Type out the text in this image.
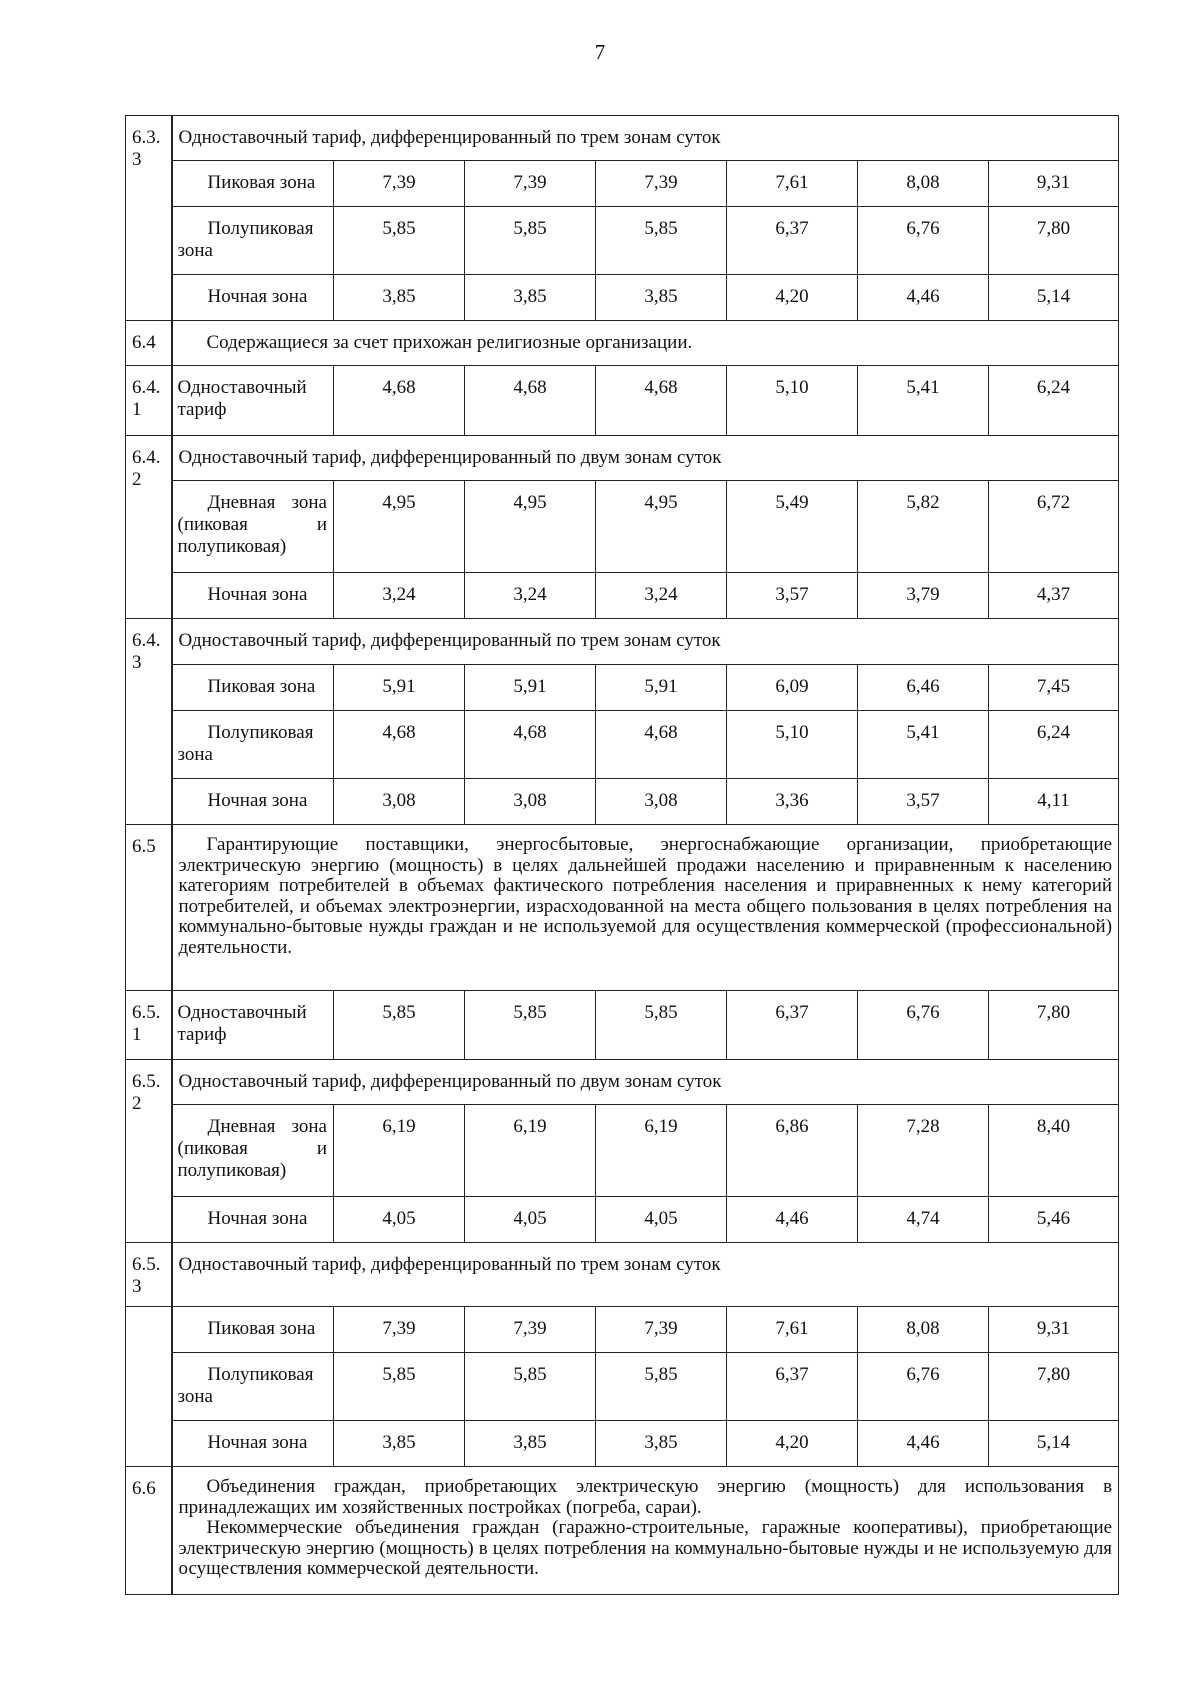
7
6.3.
3	Одноставочный тариф, дифференцированный по трем зонам суток						

	Пиковая зона	7,39	7,39	7,39	7,61	8,08	9,31

	Полупиковая зона	5,85	5,85	5,85	6,37	6,76	7,80

	Ночная зона	3,85	3,85	3,85	4,20	4,46	5,14
6.4	Содержащиеся за счет прихожан религиозные организации.						

6.4.
1	Одноставочный тариф	4,68	4,68	4,68	5,10	5,41	6,24
6.4.
2	Одноставочный тариф, дифференцированный по двум зонам суток						

	Дневная зона (пиковая и полупиковая)	4,95	4,95	4,95	5,49	5,82	6,72

	Ночная зона	3,24	3,24	3,24	3,57	3,79	4,37
6.4.
3	Одноставочный тариф, дифференцированный по трем зонам суток						

	Пиковая зона	5,91	5,91	5,91	6,09	6,46	7,45

	Полупиковая зона	4,68	4,68	4,68	5,10	5,41	6,24

	Ночная зона	3,08	3,08	3,08	3,36	3,57	4,11
6.5	Гарантирующие поставщики, энергосбытовые, энергоснабжающие организации, приобретающие электрическую энергию (мощность) в целях дальнейшей продажи населению и приравненным к населению категориям потребителей в объемах фактического потребления населения и приравненных к нему категорий потребителей, и объемах электроэнергии, израсходованной на места общего пользования в целях потребления на коммунально-бытовые нужды граждан и не используемой для осуществления коммерческой (профессиональной) деятельности.						

6.5.
1	Одноставочный тариф	5,85	5,85	5,85	6,37	6,76	7,80
6.5.
2	Одноставочный тариф, дифференцированный по двум зонам суток						

	Дневная зона (пиковая и полупиковая)	6,19	6,19	6,19	6,86	7,28	8,40

	Ночная зона	4,05	4,05	4,05	4,46	4,74	5,46
6.5.
3	Одноставочный тариф, дифференцированный по трем зонам суток						

	Пиковая зона	7,39	7,39	7,39	7,61	8,08	9,31

	Полупиковая зона	5,85	5,85	5,85	6,37	6,76	7,80

	Ночная зона	3,85	3,85	3,85	4,20	4,46	5,14
6.6	Объединения граждан, приобретающих электрическую энергию (мощность) для использования в принадлежащих им хозяйственных постройках (погреба, сараи).

Некоммерческие объединения граждан (гаражно-строительные, гаражные кооперативы), приобретающие электрическую энергию (мощность) в целях потребления на коммунально-бытовые нужды и не используемую для осуществления коммерческой деятельности.						
